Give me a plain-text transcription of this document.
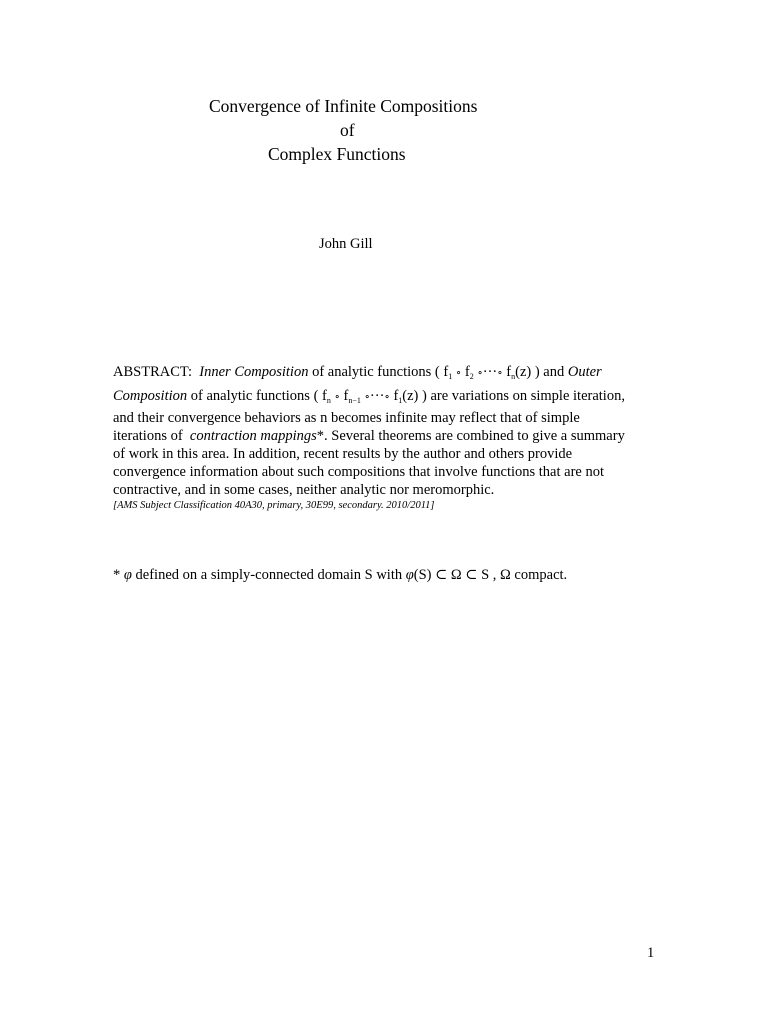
Convergence of Infinite Compositions
of
Complex Functions
John Gill
ABSTRACT: Inner Composition of analytic functions ( $f_1$ ∘ $f_2$ ∘···∘ $f_n(z)$ ) and Outer
Composition of analytic functions ( $f_n$ ∘ $f_{n-1}$ ∘···∘ $f_1(z)$ ) are variations on simple iteration,
and their convergence behaviors as n becomes infinite may reflect that of simple
iterations of contraction mappings*. Several theorems are combined to give a summary
of work in this area. In addition, recent results by the author and others provide
convergence information about such compositions that involve functions that are not
contractive, and in some cases, neither analytic nor meromorphic.
[AMS Subject Classification 40A30, primary, 30E99, secondary. 2010/2011]
* φ defined on a simply-connected domain S with φ(S) ⊂ Ω ⊂ S , Ω compact.
1
